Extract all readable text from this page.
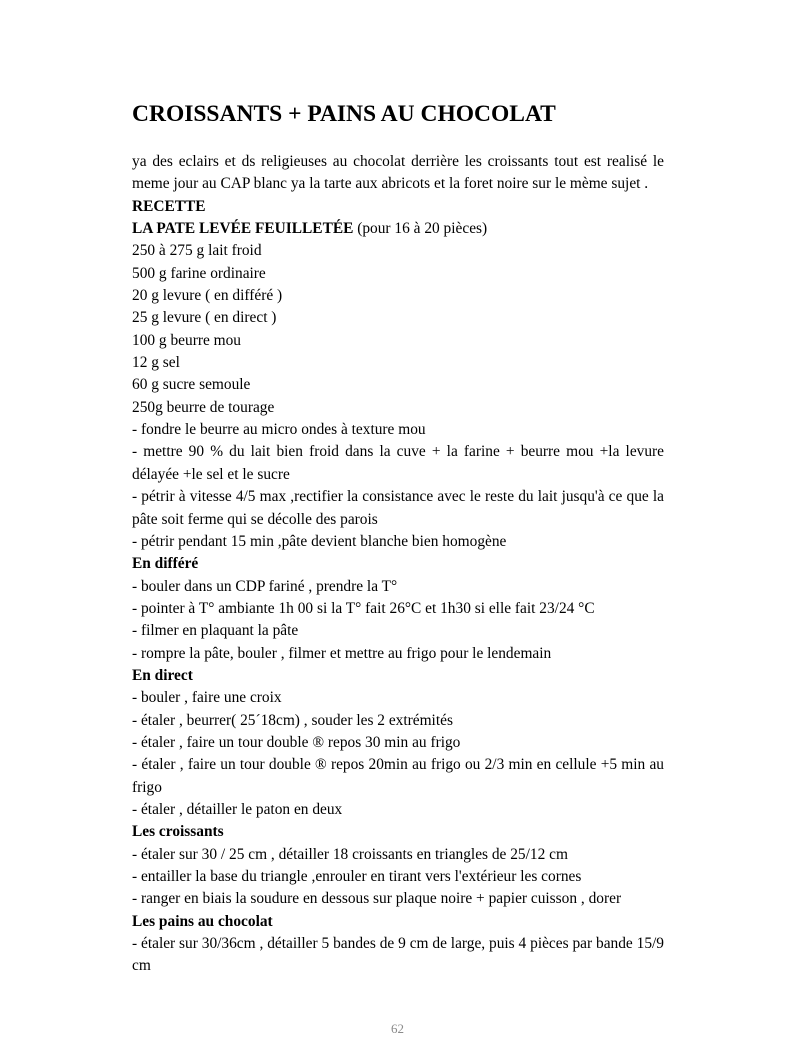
CROISSANTS + PAINS AU CHOCOLAT

ya des eclairs et ds religieuses au chocolat derrière les croissants tout est realisé le meme jour au CAP blanc ya la tarte aux abricots et la foret noire sur le mème sujet .

RECETTE

LA PATE LEVÉE FEUILLETÉE (pour 16 à 20 pièces)

250 à 275 g lait froid

500 g farine ordinaire

20 g levure ( en différé )

25 g levure ( en direct )

100 g beurre mou

12 g sel

60 g sucre semoule

250g beurre de tourage

- fondre le beurre au micro ondes à texture mou

- mettre 90 % du lait bien froid dans la cuve + la farine + beurre mou +la levure délayée +le sel et le sucre

- pétrir à vitesse 4/5 max ,rectifier la consistance avec le reste du lait jusqu'à ce que la pâte soit ferme qui se décolle des parois

- pétrir pendant 15 min ,pâte devient blanche bien homogène

En différé

- bouler dans un CDP fariné , prendre la T°

- pointer à T° ambiante 1h 00 si la T° fait 26°C et 1h30 si elle fait 23/24 °C

- filmer en plaquant la pâte

- rompre la pâte, bouler , filmer et mettre au frigo pour le lendemain

En direct

- bouler , faire une croix

- étaler , beurrer( 25´18cm) , souder les 2 extrémités

- étaler , faire un tour double ® repos 30 min au frigo

- étaler , faire un tour double ® repos 20min au frigo ou 2/3 min en cellule +5 min au frigo

- étaler , détailler le paton en deux

Les croissants

- étaler sur 30 / 25 cm , détailler 18 croissants en triangles de 25/12 cm

- entailler la base du triangle ,enrouler en tirant vers l'extérieur les cornes

- ranger en biais la soudure en dessous sur plaque noire + papier cuisson , dorer

Les pains au chocolat

- étaler sur 30/36cm , détailler 5 bandes de 9 cm de large, puis 4 pièces par bande 15/9 cm

62
